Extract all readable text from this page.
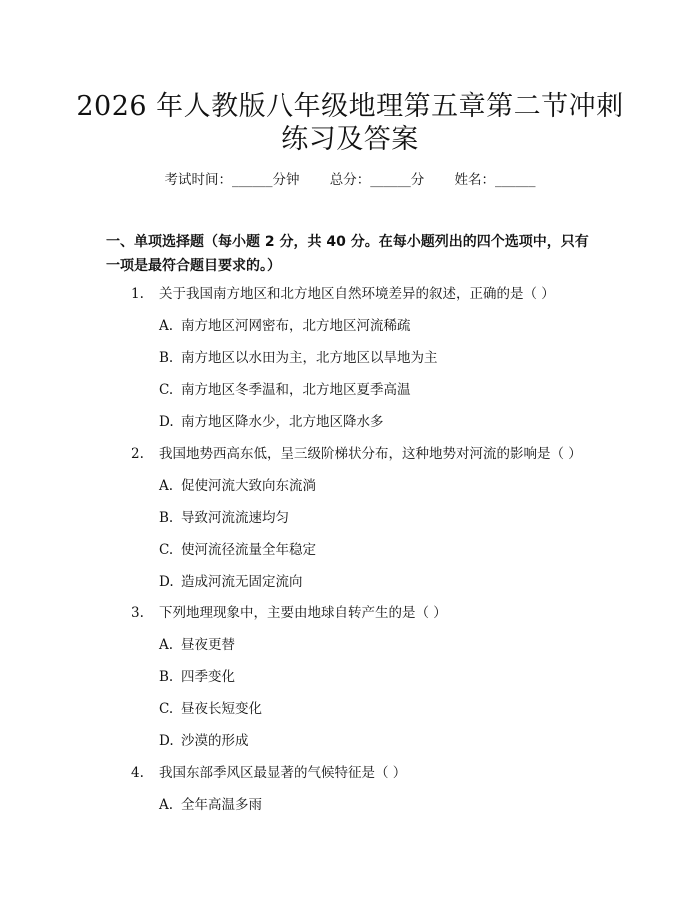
2026 年人教版八年级地理第五章第二节冲刺
练习及答案
考试时间：______分钟 总分：______分 姓名：______
一、单项选择题（每小题 2 分，共 40 分。在每小题列出的四个选项中，只有一项是最符合题目要求的。）
1. 关于我国南方地区和北方地区自然环境差异的叙述，正确的是（ ）
A. 南方地区河网密布，北方地区河流稀疏
B. 南方地区以水田为主，北方地区以旱地为主
C. 南方地区冬季温和，北方地区夏季高温
D. 南方地区降水少，北方地区降水多
2. 我国地势西高东低，呈三级阶梯状分布，这种地势对河流的影响是（ ）
A. 促使河流大致向东流淌
B. 导致河流流速均匀
C. 使河流径流量全年稳定
D. 造成河流无固定流向
3. 下列地理现象中，主要由地球自转产生的是（ ）
A. 昼夜更替
B. 四季变化
C. 昼夜长短变化
D. 沙漠的形成
4. 我国东部季风区最显著的气候特征是（ ）
A. 全年高温多雨
